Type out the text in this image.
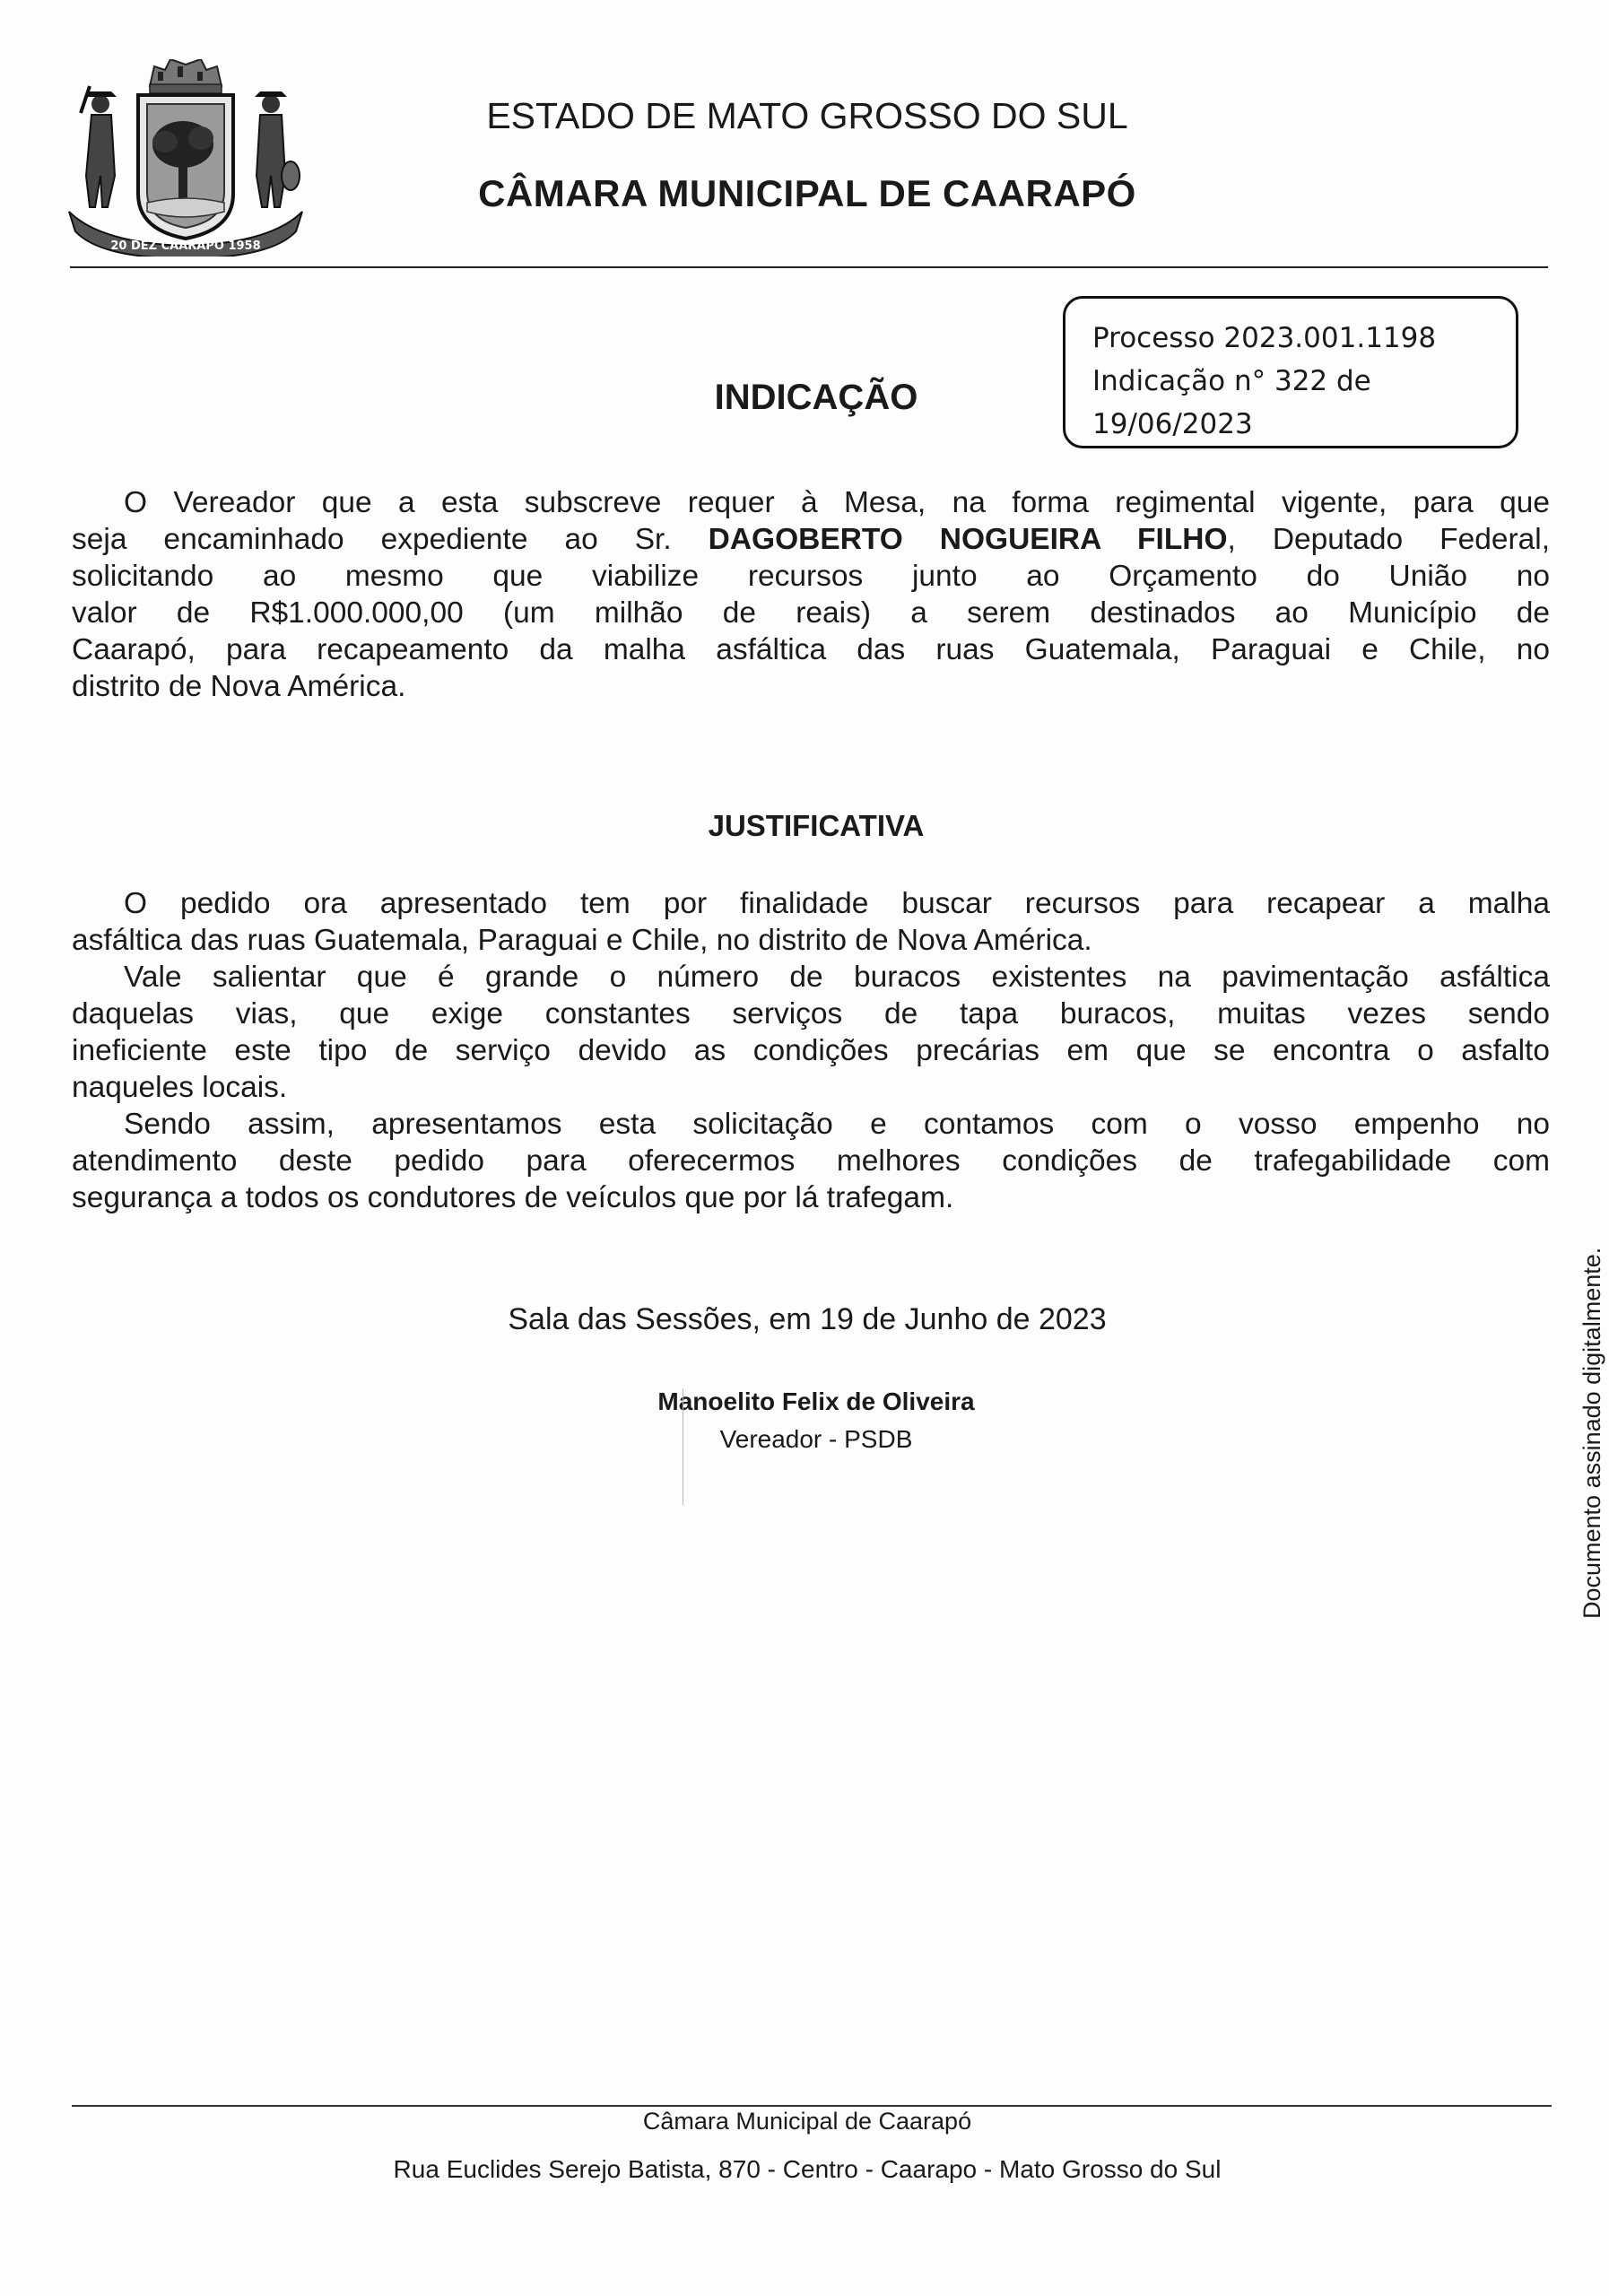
20 DEZ CAARAPÓ 1958
ESTADO DE MATO GROSSO DO SUL
CÂMARA MUNICIPAL DE CAARAPÓ
Processo 2023.001.1198
Indicação n° 322 de
19/06/2023
INDICAÇÃO
O Vereador que a esta subscreve requer à Mesa, na forma regimental vigente, para que
seja encaminhado expediente ao Sr. DAGOBERTO NOGUEIRA FILHO, Deputado Federal,
solicitando ao mesmo que viabilize recursos junto ao Orçamento do União no
valor de R$1.000.000,00 (um milhão de reais) a serem destinados ao Município de
Caarapó, para recapeamento da malha asfáltica das ruas Guatemala, Paraguai e Chile, no
distrito de Nova América.
JUSTIFICATIVA
O pedido ora apresentado tem por finalidade buscar recursos para recapear a malha
asfáltica das ruas Guatemala, Paraguai e Chile, no distrito de Nova América.
Vale salientar que é grande o número de buracos existentes na pavimentação asfáltica
daquelas vias, que exige constantes serviços de tapa buracos, muitas vezes sendo
ineficiente este tipo de serviço devido as condições precárias em que se encontra o asfalto
naqueles locais.
Sendo assim, apresentamos esta solicitação e contamos com o vosso empenho no
atendimento deste pedido para oferecermos melhores condições de trafegabilidade com
segurança a todos os condutores de veículos que por lá trafegam.
Sala das Sessões, em 19 de Junho de 2023
Manoelito Felix de Oliveira
Vereador - PSDB	Documento assinado digitalmente.
Câmara Municipal de Caarapó
Rua Euclides Serejo Batista, 870 - Centro - Caarapo - Mato Grosso do Sul
